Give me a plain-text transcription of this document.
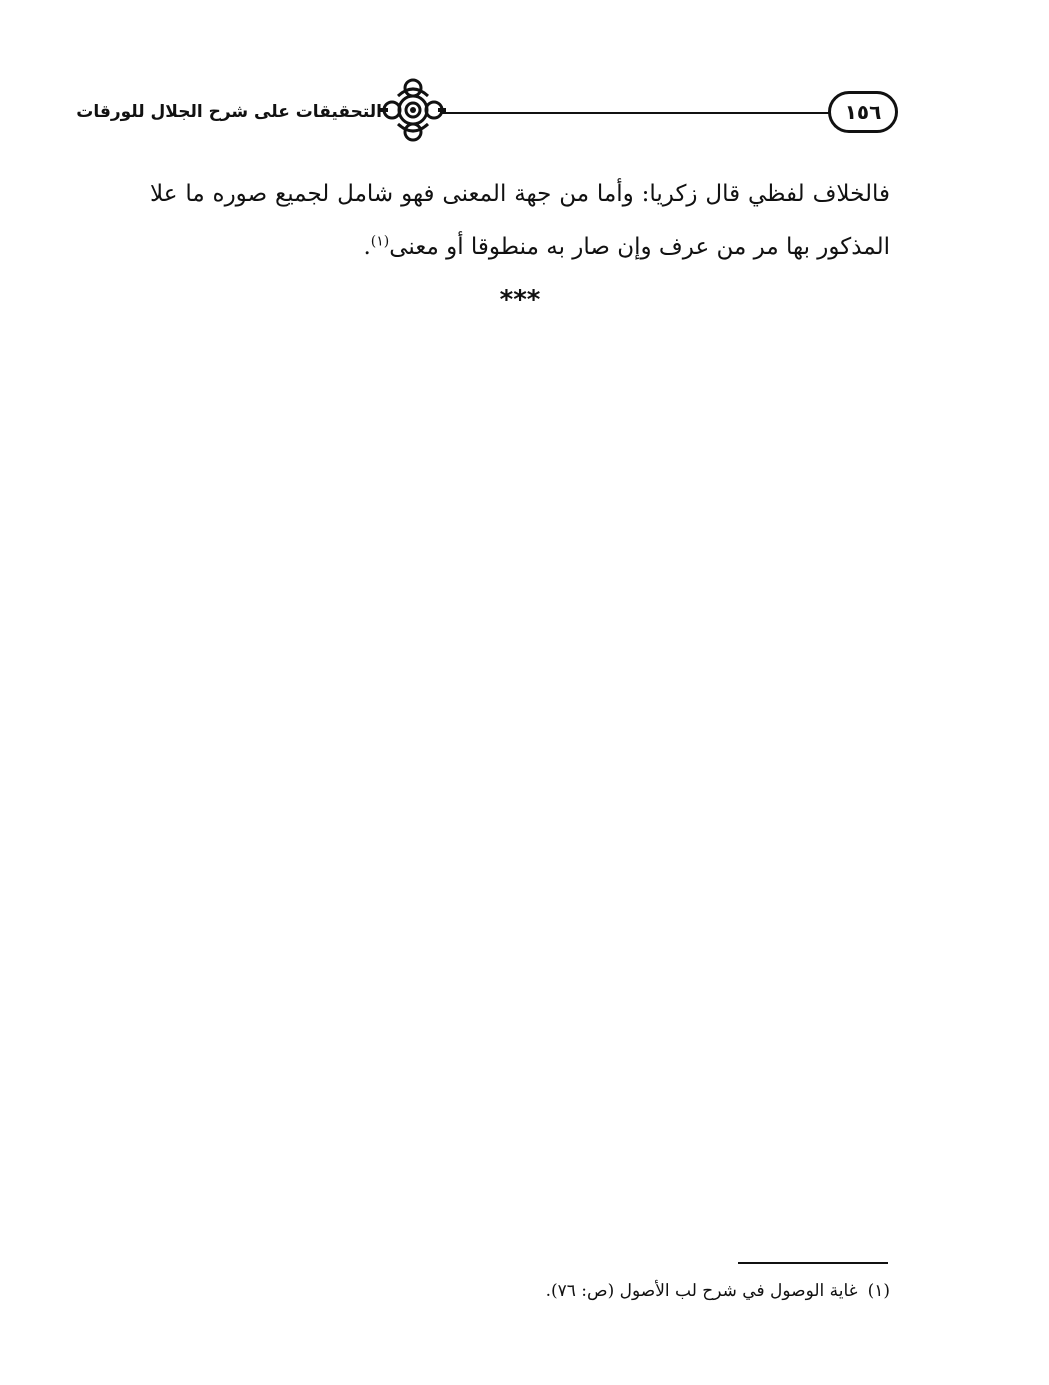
١٥٦
التحقيقات على شرح الجلال للورقات
فالخلاف لفظي قال زكريا: وأما من جهة المعنى فهو شامل لجميع صوره ما علا المذكور بها مر من عرف وإن صار به منطوقا أو معنى$^{(١)}$.
***
(١)غاية الوصول في شرح لب الأصول (ص: ٧٦).
